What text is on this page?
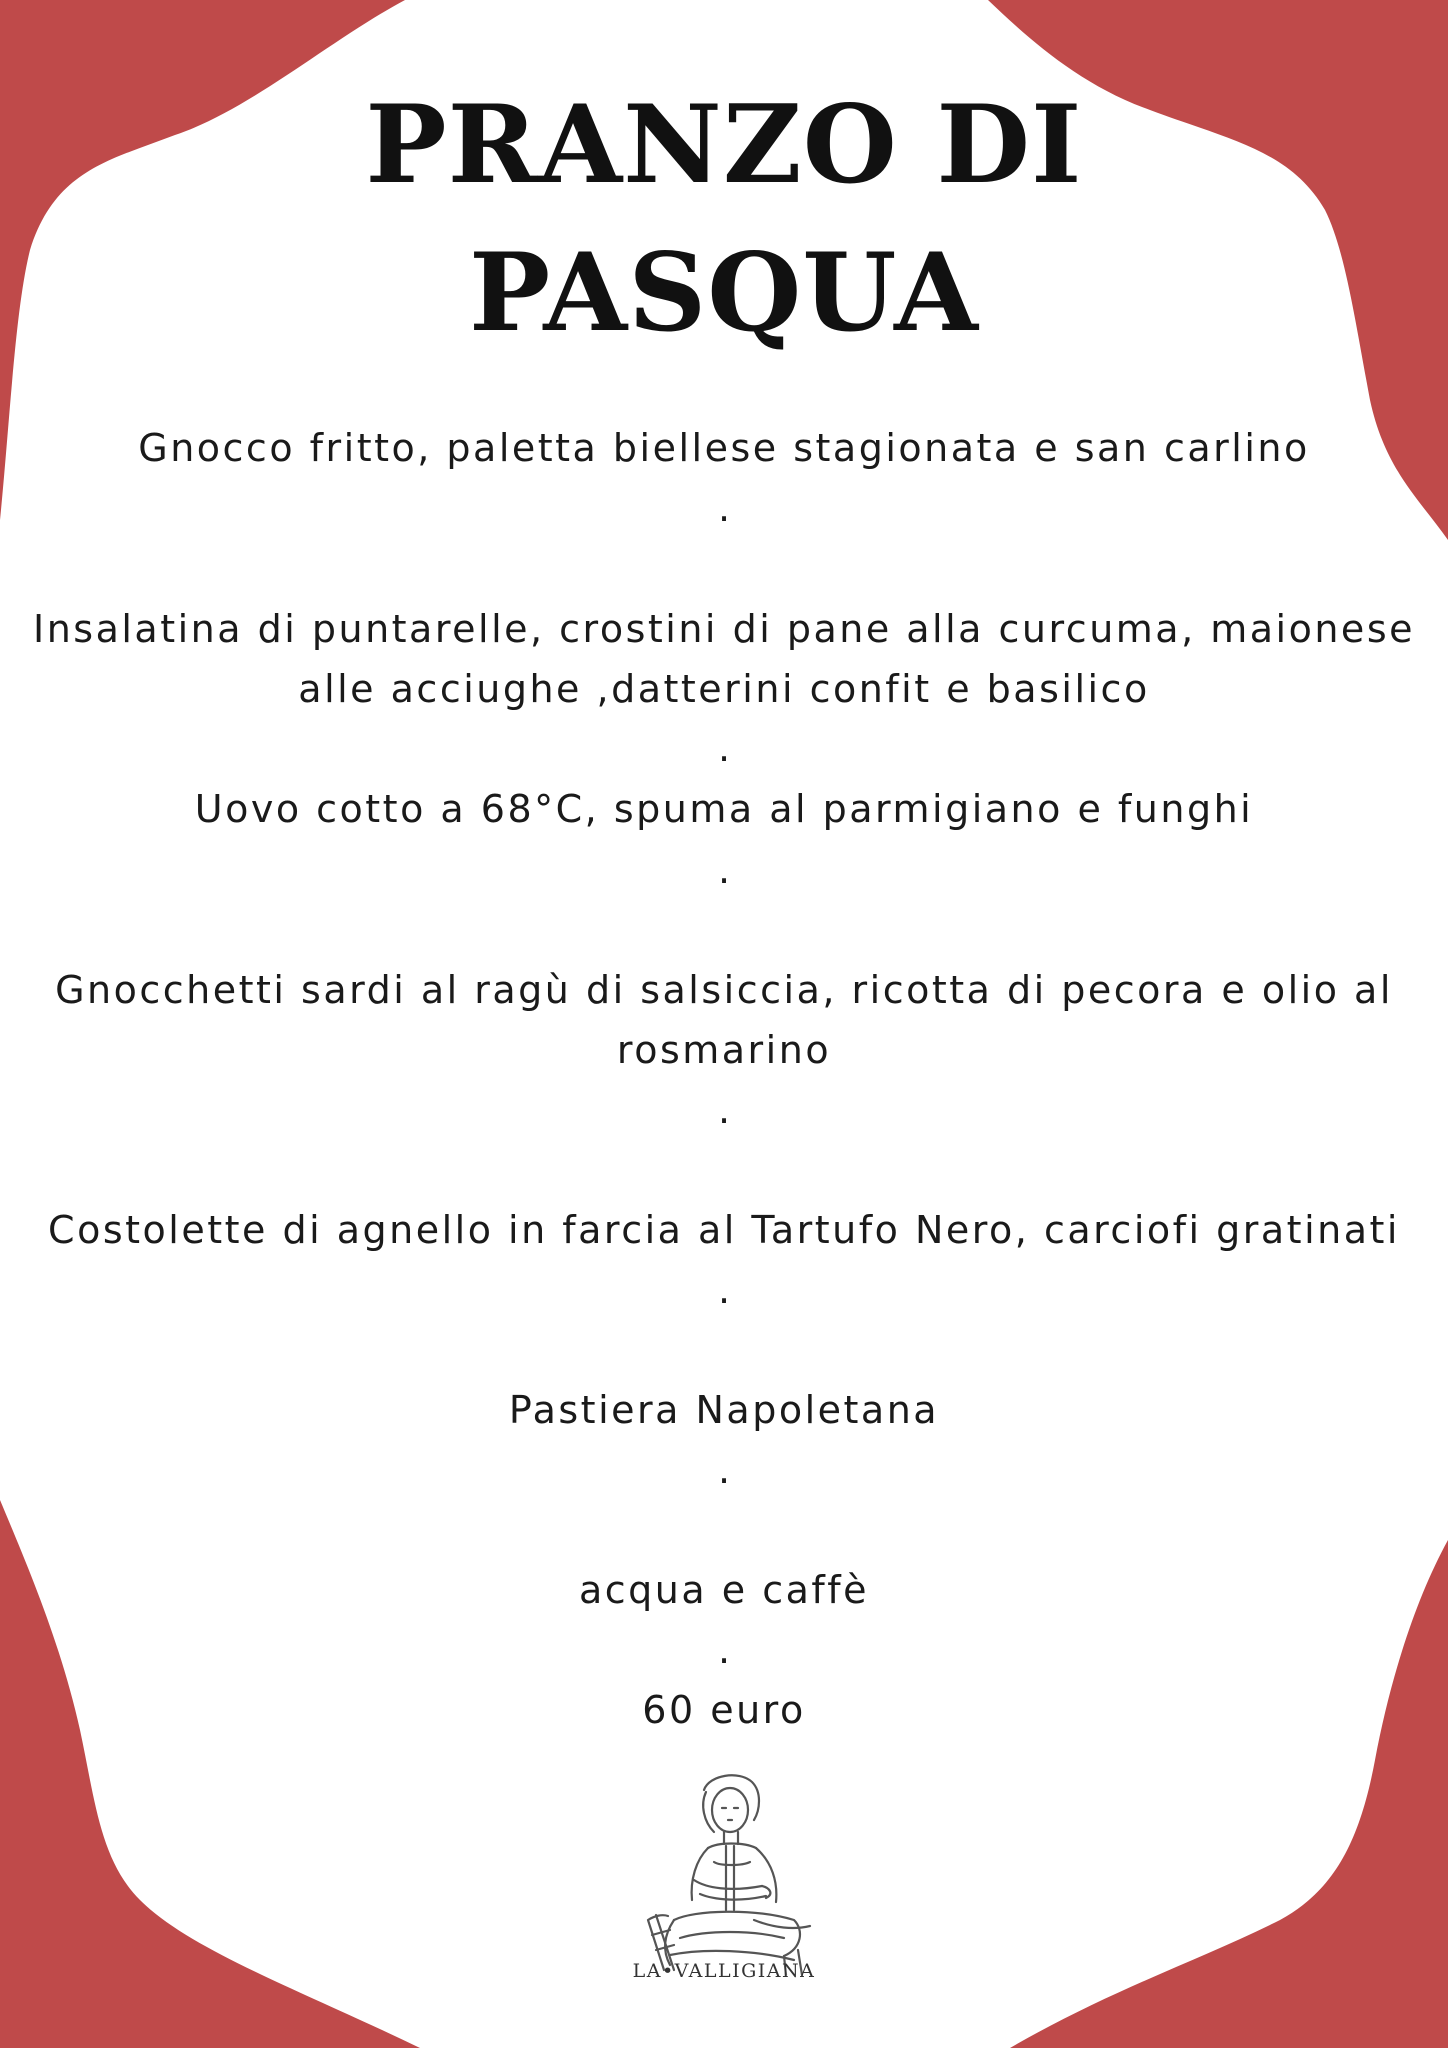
PRANZO DI
PASQUA
Gnocco fritto, paletta biellese stagionata e san carlino
.
Insalatina di puntarelle, crostini di pane alla curcuma, maionese
alle acciughe ,datterini confit e basilico
.
Uovo cotto a 68°C, spuma al parmigiano e funghi
.
Gnocchetti sardi al ragù di salsiccia, ricotta di pecora e olio al
rosmarino
.
Costolette di agnello in farcia al Tartufo Nero, carciofi gratinati
.
Pastiera Napoletana
.
acqua e caffè
.
60 euro
LA•VALLIGIANA
